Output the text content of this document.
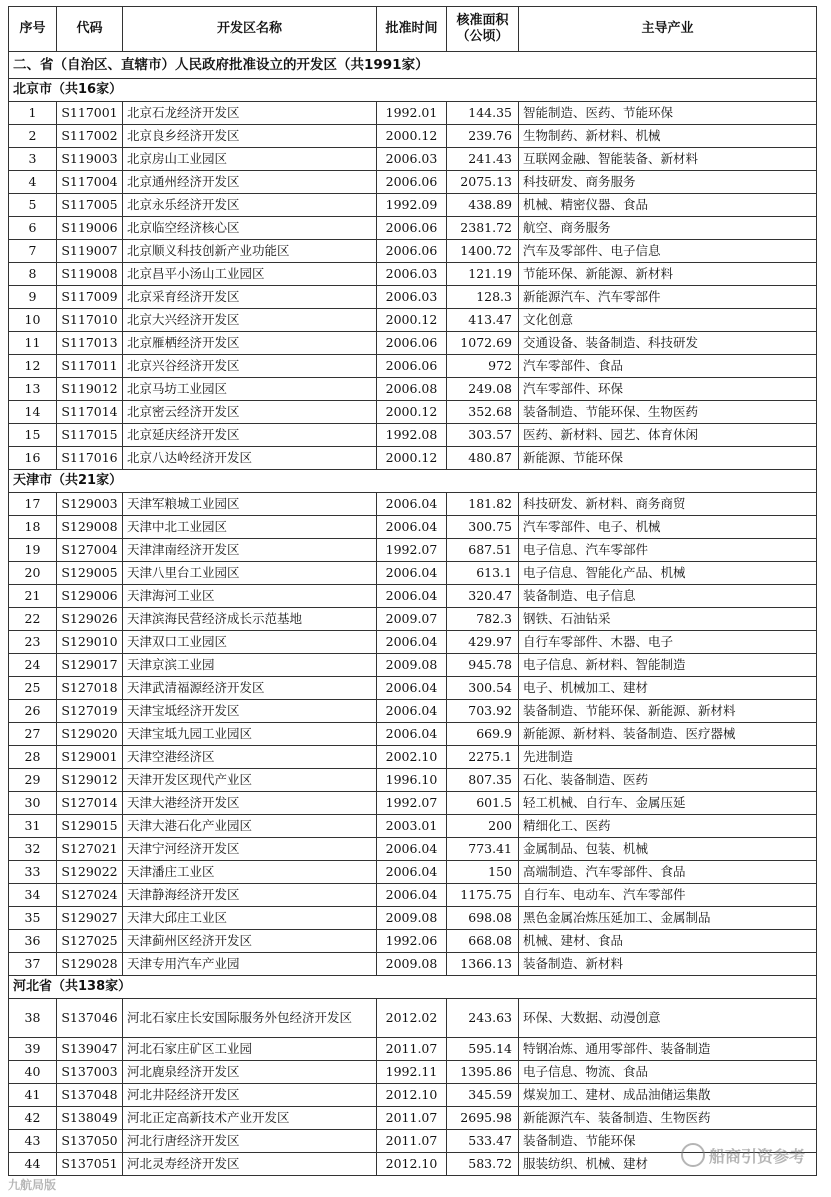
序号	代码	开发区名称	批准时间	核准面积（公顷）	主导产业
二、省（自治区、直辖市）人民政府批准设立的开发区（共1991家）					
北京市（共16家）					
1	S117001	北京石龙经济开发区	1992.01	144.35	智能制造、医药、节能环保
2	S117002	北京良乡经济开发区	2000.12	239.76	生物制药、新材料、机械
3	S119003	北京房山工业园区	2006.03	241.43	互联网金融、智能装备、新材料
4	S117004	北京通州经济开发区	2006.06	2075.13	科技研发、商务服务
5	S117005	北京永乐经济开发区	1992.09	438.89	机械、精密仪器、食品
6	S119006	北京临空经济核心区	2006.06	2381.72	航空、商务服务
7	S119007	北京顺义科技创新产业功能区	2006.06	1400.72	汽车及零部件、电子信息
8	S119008	北京昌平小汤山工业园区	2006.03	121.19	节能环保、新能源、新材料
9	S117009	北京采育经济开发区	2006.03	128.3	新能源汽车、汽车零部件
10	S117010	北京大兴经济开发区	2000.12	413.47	文化创意
11	S117013	北京雁栖经济开发区	2006.06	1072.69	交通设备、装备制造、科技研发
12	S117011	北京兴谷经济开发区	2006.06	972	汽车零部件、食品
13	S119012	北京马坊工业园区	2006.08	249.08	汽车零部件、环保
14	S117014	北京密云经济开发区	2000.12	352.68	装备制造、节能环保、生物医药
15	S117015	北京延庆经济开发区	1992.08	303.57	医药、新材料、园艺、体育休闲
16	S117016	北京八达岭经济开发区	2000.12	480.87	新能源、节能环保
天津市（共21家）					
17	S129003	天津军粮城工业园区	2006.04	181.82	科技研发、新材料、商务商贸
18	S129008	天津中北工业园区	2006.04	300.75	汽车零部件、电子、机械
19	S127004	天津津南经济开发区	1992.07	687.51	电子信息、汽车零部件
20	S129005	天津八里台工业园区	2006.04	613.1	电子信息、智能化产品、机械
21	S129006	天津海河工业区	2006.04	320.47	装备制造、电子信息
22	S129026	天津滨海民营经济成长示范基地	2009.07	782.3	钢铁、石油钻采
23	S129010	天津双口工业园区	2006.04	429.97	自行车零部件、木器、电子
24	S129017	天津京滨工业园	2009.08	945.78	电子信息、新材料、智能制造
25	S127018	天津武清福源经济开发区	2006.04	300.54	电子、机械加工、建材
26	S127019	天津宝坻经济开发区	2006.04	703.92	装备制造、节能环保、新能源、新材料
27	S129020	天津宝坻九园工业园区	2006.04	669.9	新能源、新材料、装备制造、医疗器械
28	S129001	天津空港经济区	2002.10	2275.1	先进制造
29	S129012	天津开发区现代产业区	1996.10	807.35	石化、装备制造、医药
30	S127014	天津大港经济开发区	1992.07	601.5	轻工机械、自行车、金属压延
31	S129015	天津大港石化产业园区	2003.01	200	精细化工、医药
32	S127021	天津宁河经济开发区	2006.04	773.41	金属制品、包装、机械
33	S129022	天津潘庄工业区	2006.04	150	高端制造、汽车零部件、食品
34	S127024	天津静海经济开发区	2006.04	1175.75	自行车、电动车、汽车零部件
35	S129027	天津大邱庄工业区	2009.08	698.08	黑色金属冶炼压延加工、金属制品
36	S127025	天津蓟州区经济开发区	1992.06	668.08	机械、建材、食品
37	S129028	天津专用汽车产业园	2009.08	1366.13	装备制造、新材料
河北省（共138家）					
38	S137046	河北石家庄长安国际服务外包经济开发区	2012.02	243.63	环保、大数据、动漫创意
39	S139047	河北石家庄矿区工业园	2011.07	595.14	特钢冶炼、通用零部件、装备制造
40	S137003	河北鹿泉经济开发区	1992.11	1395.86	电子信息、物流、食品
41	S137048	河北井陉经济开发区	2012.10	345.59	煤炭加工、建材、成品油储运集散
42	S138049	河北正定高新技术产业开发区	2011.07	2695.98	新能源汽车、装备制造、生物医药
43	S137050	河北行唐经济开发区	2011.07	533.47	装备制造、节能环保
44	S137051	河北灵寿经济开发区	2012.10	583.72	服装纺织、机械、建材	船商引资参考
九航局版
